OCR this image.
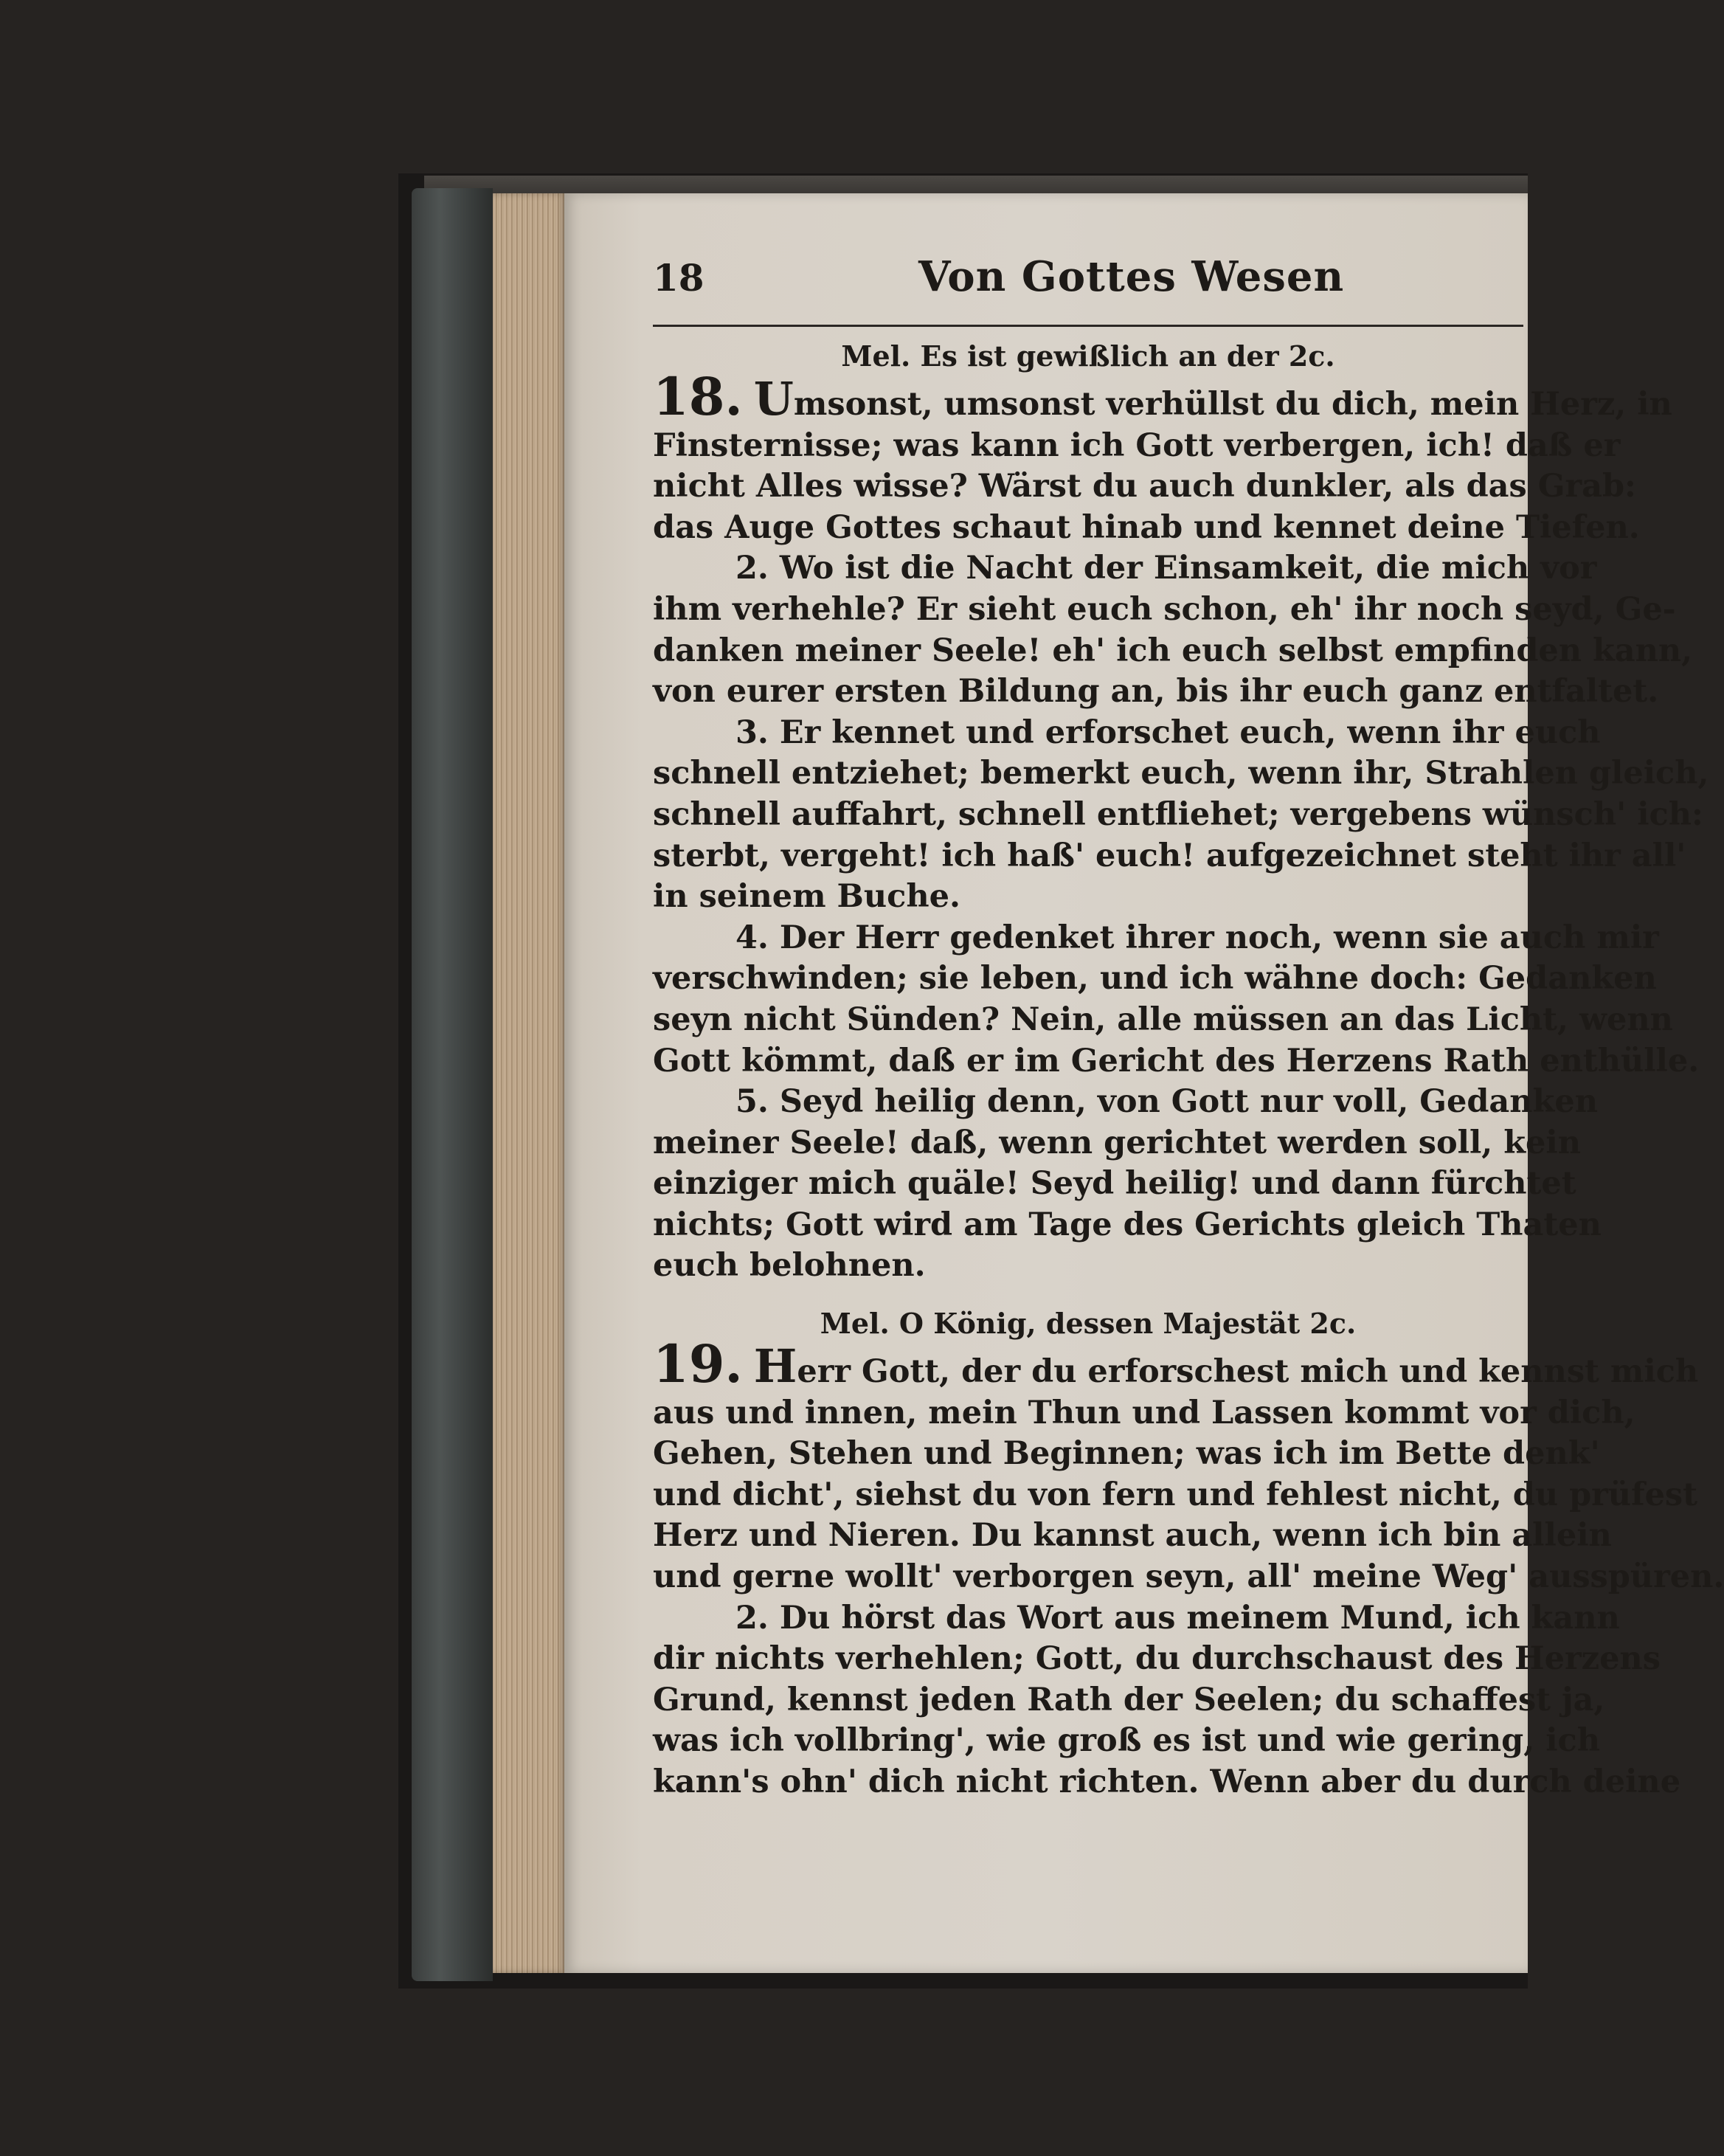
18	Von Gottes Wesen

Mel. Es ist gewißlich an der 2c.

18. Umsonst, umsonst verhüllst du dich, mein Herz, in
Finsternisse; was kann ich Gott verbergen, ich! daß er
nicht Alles wisse? Wärst du auch dunkler, als das Grab:
das Auge Gottes schaut hinab und kennet deine Tiefen.
2. Wo ist die Nacht der Einsamkeit, die mich vor
ihm verhehle? Er sieht euch schon, eh' ihr noch seyd, Ge-
danken meiner Seele! eh' ich euch selbst empfinden kann,
von eurer ersten Bildung an, bis ihr euch ganz entfaltet.
3. Er kennet und erforschet euch, wenn ihr euch
schnell entziehet; bemerkt euch, wenn ihr, Strahlen gleich,
schnell auffahrt, schnell entfliehet; vergebens wünsch' ich:
sterbt, vergeht! ich haß' euch! aufgezeichnet steht ihr all'
in seinem Buche.
4. Der Herr gedenket ihrer noch, wenn sie auch mir
verschwinden; sie leben, und ich wähne doch: Gedanken
seyn nicht Sünden? Nein, alle müssen an das Licht, wenn
Gott kömmt, daß er im Gericht des Herzens Rath enthülle.
5. Seyd heilig denn, von Gott nur voll, Gedanken
meiner Seele! daß, wenn gerichtet werden soll, kein
einziger mich quäle! Seyd heilig! und dann fürchtet
nichts; Gott wird am Tage des Gerichts gleich Thaten
euch belohnen.

Mel. O König, dessen Majestät 2c.

19. Herr Gott, der du erforschest mich und kennst mich
aus und innen, mein Thun und Lassen kommt vor dich,
Gehen, Stehen und Beginnen; was ich im Bette denk'
und dicht', siehst du von fern und fehlest nicht, du prüfest
Herz und Nieren. Du kannst auch, wenn ich bin allein
und gerne wollt' verborgen seyn, all' meine Weg' ausspüren.
2. Du hörst das Wort aus meinem Mund, ich kann
dir nichts verhehlen; Gott, du durchschaust des Herzens
Grund, kennst jeden Rath der Seelen; du schaffest ja,
was ich vollbring', wie groß es ist und wie gering, ich
kann's ohn' dich nicht richten. Wenn aber du durch deine
